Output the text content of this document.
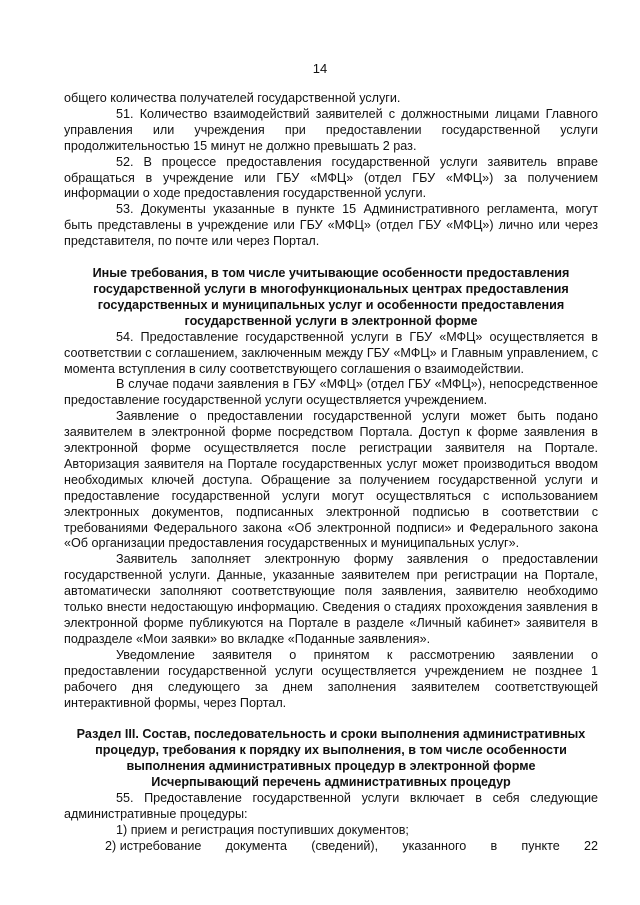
14

общего количества получателей государственной услуги.

51. Количество взаимодействий заявителей с должностными лицами Главного управления или учреждения при предоставлении государственной услуги продолжительностью 15 минут не должно превышать 2 раз.

52. В процессе предоставления государственной услуги заявитель вправе обращаться в учреждение или ГБУ «МФЦ» (отдел ГБУ «МФЦ») за получением информации о ходе предоставления государственной услуги.

53. Документы указанные в пункте 15 Административного регламента, могут быть представлены в учреждение или ГБУ «МФЦ» (отдел ГБУ «МФЦ») лично или через представителя, по почте или через Портал.

Иные требования, в том числе учитывающие особенности предоставления государственной услуги в многофункциональных центрах предоставления государственных и муниципальных услуг и особенности предоставления государственной услуги в электронной форме

54. Предоставление государственной услуги в ГБУ «МФЦ» осуществляется в соответствии с соглашением, заключенным между ГБУ «МФЦ» и Главным управлением, с момента вступления в силу соответствующего соглашения о взаимодействии.

В случае подачи заявления в ГБУ «МФЦ» (отдел ГБУ «МФЦ»), непосредственное предоставление государственной услуги осуществляется учреждением.

Заявление о предоставлении государственной услуги может быть подано заявителем в электронной форме посредством Портала. Доступ к форме заявления в электронной форме осуществляется после регистрации заявителя на Портале. Авторизация заявителя на Портале государственных услуг может производиться вводом необходимых ключей доступа. Обращение за получением государственной услуги и предоставление государственной услуги могут осуществляться с использованием электронных документов, подписанных электронной подписью в соответствии с требованиями Федерального закона «Об электронной подписи» и Федерального закона «Об организации предоставления государственных и муниципальных услуг».

Заявитель заполняет электронную форму заявления о предоставлении государственной услуги. Данные, указанные заявителем при регистрации на Портале, автоматически заполняют соответствующие поля заявления, заявителю необходимо только внести недостающую информацию. Сведения о стадиях прохождения заявления в электронной форме публикуются на Портале в разделе «Личный кабинет» заявителя в подразделе «Мои заявки» во вкладке «Поданные заявления».

Уведомление заявителя о принятом к рассмотрению заявлении о предоставлении государственной услуги осуществляется учреждением не позднее 1 рабочего дня следующего за днем заполнения заявителем соответствующей интерактивной формы, через Портал.

Раздел III. Состав, последовательность и сроки выполнения административных процедур, требования к порядку их выполнения, в том числе особенности выполнения административных процедур в электронной форме
Исчерпывающий перечень административных процедур

55. Предоставление государственной услуги включает в себя следующие административные процедуры:

1) прием и регистрация поступивших документов;

2) истребование документа (сведений), указанного в пункте 22
